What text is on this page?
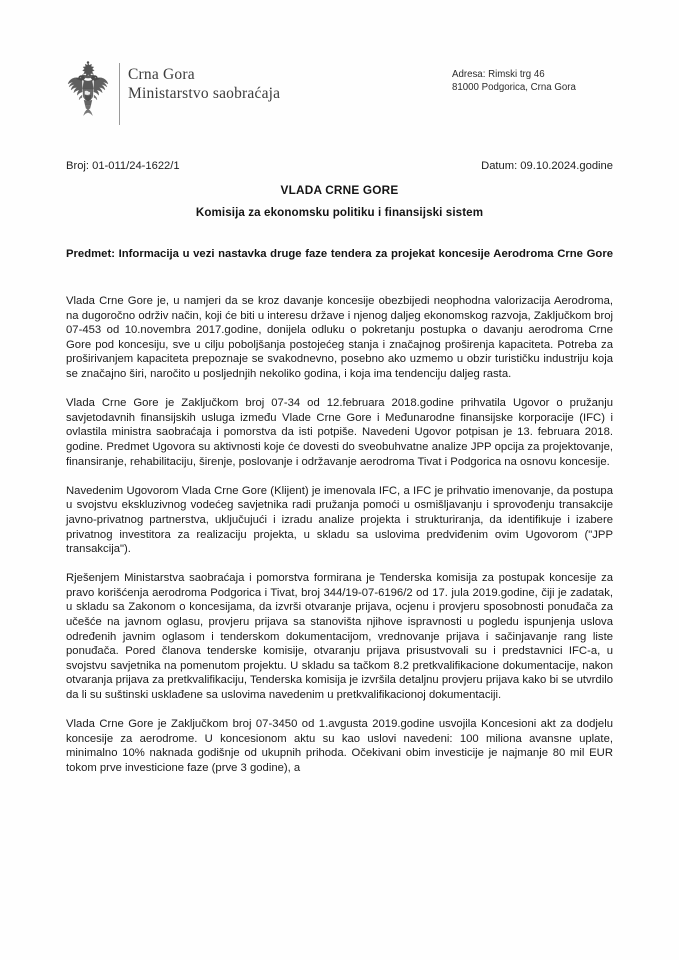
Crna Gora
Ministarstvo saobraćaja
Adresa: Rimski trg 46
81000 Podgorica, Crna Gora
Broj: 01-011/24-1622/1	Datum: 09.10.2024.godine
VLADA CRNE GORE
Komisija za ekonomsku politiku i finansijski sistem
Predmet: Informacija u vezi nastavka druge faze tendera za projekat koncesije Aerodroma Crne Gore

Vlada Crne Gore je, u namjeri da se kroz davanje koncesije obezbijedi neophodna valorizacija Aerodroma, na dugoročno održiv način, koji će biti u interesu države i njenog daljeg ekonomskog razvoja, Zaključkom broj 07-453 od 10.novembra 2017.godine, donijela odluku o pokretanju postupka o davanju aerodroma Crne Gore pod koncesiju, sve u cilju poboljšanja postojećeg stanja i značajnog proširenja kapaciteta. Potreba za proširivanjem kapaciteta prepoznaje se svakodnevno, posebno ako uzmemo u obzir turističku industriju koja se značajno širi, naročito u posljednjih nekoliko godina, i koja ima tendenciju daljeg rasta.

Vlada Crne Gore je Zaključkom broj 07-34 od 12.februara 2018.godine prihvatila Ugovor o pružanju savjetodavnih finansijskih usluga između Vlade Crne Gore i Međunarodne finansijske korporacije (IFC) i ovlastila ministra saobraćaja i pomorstva da isti potpiše. Navedeni Ugovor potpisan je 13. februara 2018. godine. Predmet Ugovora su aktivnosti koje će dovesti do sveobuhvatne analize JPP opcija za projektovanje, finansiranje, rehabilitaciju, širenje, poslovanje i održavanje aerodroma Tivat i Podgorica na osnovu koncesije.

Navedenim Ugovorom Vlada Crne Gore (Klijent) je imenovala IFC, a IFC je prihvatio imenovanje, da postupa u svojstvu ekskluzivnog vodećeg savjetnika radi pružanja pomoći u osmišljavanju i sprovođenju transakcije javno-privatnog partnerstva, uključujući i izradu analize projekta i strukturiranja, da identifikuje i izabere privatnog investitora za realizaciju projekta, u skladu sa uslovima predviđenim ovim Ugovorom ("JPP transakcija").

Rješenjem Ministarstva saobraćaja i pomorstva formirana je Tenderska komisija za postupak koncesije za pravo korišćenja aerodroma Podgorica i Tivat, broj 344/19-07-6196/2 od 17. jula 2019.godine, čiji je zadatak, u skladu sa Zakonom o koncesijama, da izvrši otvaranje prijava, ocjenu i provjeru sposobnosti ponuđača za učešće na javnom oglasu, provjeru prijava sa stanovišta njihove ispravnosti u pogledu ispunjenja uslova određenih javnim oglasom i tenderskom dokumentacijom, vrednovanje prijava i sačinjavanje rang liste ponuđača. Pored članova tenderske komisije, otvaranju prijava prisustvovali su i predstavnici IFC-a, u svojstvu savjetnika na pomenutom projektu. U skladu sa tačkom 8.2 pretkvalifikacione dokumentacije, nakon otvaranja prijava za pretkvalifikaciju, Tenderska komisija je izvršila detaljnu provjeru prijava kako bi se utvrdilo da li su suštinski usklađene sa uslovima navedenim u pretkvalifikacionoj dokumentaciji.

Vlada Crne Gore je Zaključkom broj 07-3450 od 1.avgusta 2019.godine usvojila Koncesioni akt za dodjelu koncesije za aerodrome. U koncesionom aktu su kao uslovi navedeni: 100 miliona avansne uplate, minimalno 10% naknada godišnje od ukupnih prihoda. Očekivani obim investicije je najmanje 80 mil EUR tokom prve investicione faze (prve 3 godine), a
